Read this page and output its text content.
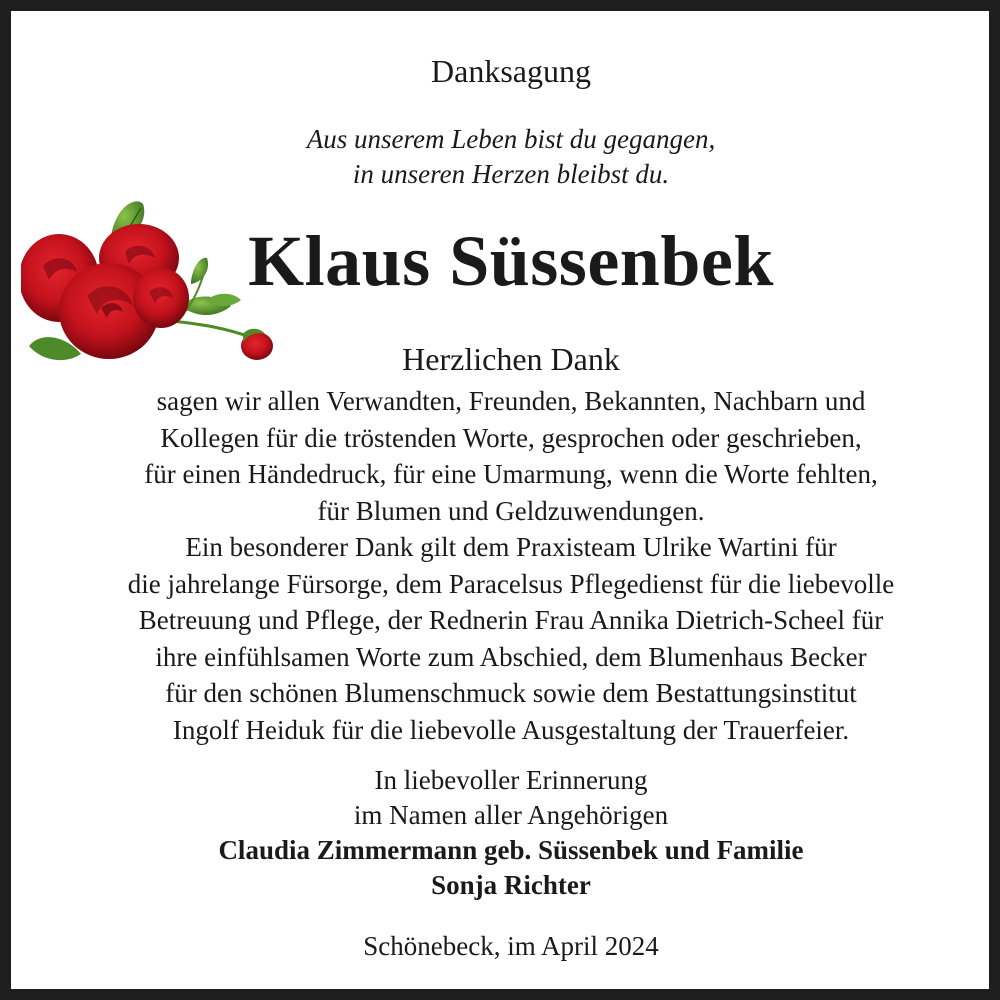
Danksagung
Aus unserem Leben bist du gegangen,
in unseren Herzen bleibst du.
Klaus Süssenbek
Herzlichen Dank
sagen wir allen Verwandten, Freunden, Bekannten, Nachbarn und
Kollegen für die tröstenden Worte, gesprochen oder geschrieben,
für einen Händedruck, für eine Umarmung, wenn die Worte fehlten,
für Blumen und Geldzuwendungen.
Ein besonderer Dank gilt dem Praxisteam Ulrike Wartini für
die jahrelange Fürsorge, dem Paracelsus Pflegedienst für die liebevolle
Betreuung und Pflege, der Rednerin Frau Annika Dietrich-Scheel für
ihre einfühlsamen Worte zum Abschied, dem Blumenhaus Becker
für den schönen Blumenschmuck sowie dem Bestattungsinstitut
Ingolf Heiduk für die liebevolle Ausgestaltung der Trauerfeier.
In liebevoller Erinnerung
im Namen aller Angehörigen
Claudia Zimmermann geb. Süssenbek und Familie
Sonja Richter
Schönebeck, im April 2024
